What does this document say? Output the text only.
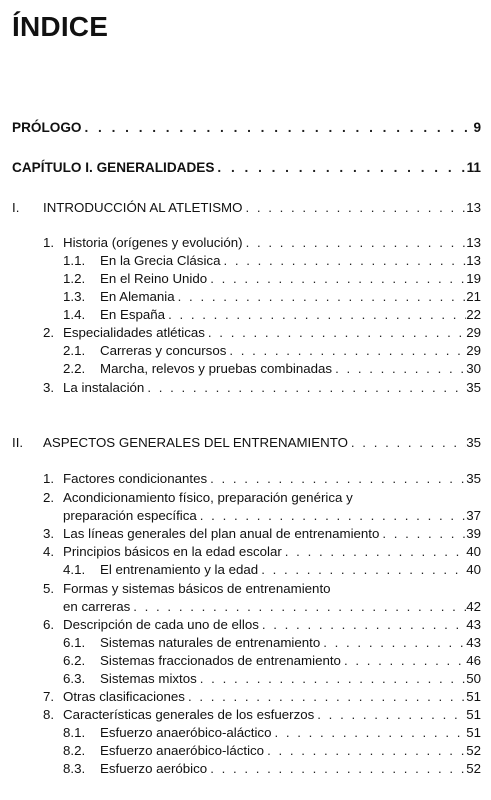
ÍNDICE
PRÓLOGO . . .	9
CAPÍTULO I. GENERALIDADES . . .	11
I.	INTRODUCCIÓN AL ATLETISMO . . .	13
1. Historia (orígenes y evolución) . . .	13
1.1.	En la Grecia Clásica . . .	13
1.2.	En el Reino Unido . . .	19
1.3.	En Alemania . . .	21
1.4.	En España . . .	22
2. Especialidades atléticas . . .	29
2.1.	Carreras y concursos . . .	29
2.2.	Marcha, relevos y pruebas combinadas . . .	30
3. La instalación . . .	35
II.	ASPECTOS GENERALES DEL ENTRENAMIENTO . . .	35
1. Factores condicionantes . . .	35
2. Acondicionamiento físico, preparación genérica y
preparación específica . . .	37
3. Las líneas generales del plan anual de entrenamiento . . .	39
4. Principios básicos en la edad escolar . . .	40
4.1.	El entrenamiento y la edad . . .	40
5. Formas y sistemas básicos de entrenamiento
en carreras . . .	42
6. Descripción de cada uno de ellos . . .	43
6.1.	Sistemas naturales de entrenamiento . . .	43
6.2.	Sistemas fraccionados de entrenamiento . . .	46
6.3.	Sistemas mixtos . . .	50
7. Otras clasificaciones . . .	51
8. Características generales de los esfuerzos . . .	51
8.1.	Esfuerzo anaeróbico-aláctico . . .	51
8.2.	Esfuerzo anaeróbico-láctico . . .	52
8.3.	Esfuerzo aeróbico . . .	52
